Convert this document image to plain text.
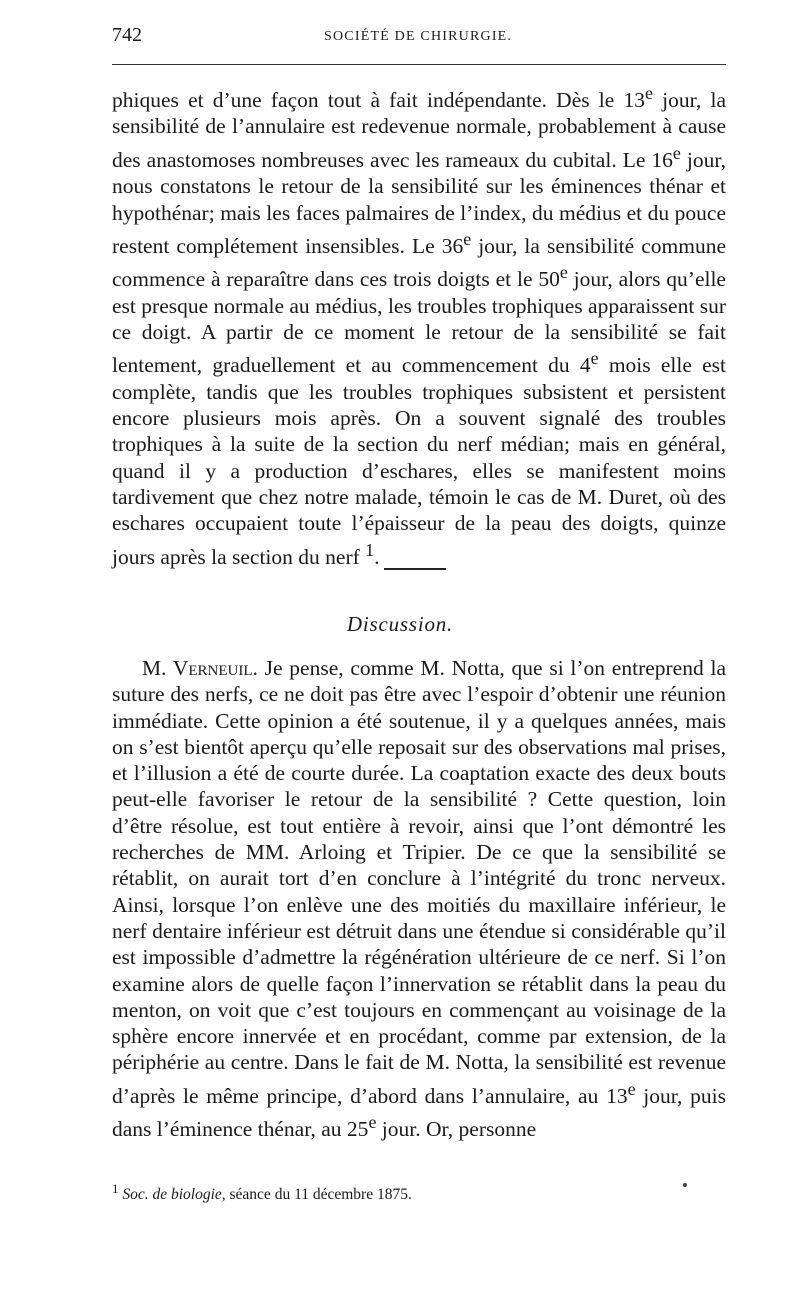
742	SOCIÉTÉ DE CHIRURGIE.

phiques et d’une façon tout à fait indépendante. Dès le 13e jour, la sensibilité de l’annulaire est redevenue normale, probablement à cause des anastomoses nombreuses avec les rameaux du cubital. Le 16e jour, nous constatons le retour de la sensibilité sur les éminences thénar et hypothénar; mais les faces palmaires de l’index, du médius et du pouce restent complétement insensibles. Le 36e jour, la sensibilité commune commence à reparaître dans ces trois doigts et le 50e jour, alors qu’elle est presque normale au médius, les troubles trophiques apparaissent sur ce doigt. A partir de ce moment le retour de la sensibilité se fait lentement, graduellement et au commencement du 4e mois elle est complète, tandis que les troubles trophiques subsistent et persistent encore plusieurs mois après. On a souvent signalé des troubles trophiques à la suite de la section du nerf médian; mais en général, quand il y a production d’eschares, elles se manifestent moins tardivement que chez notre malade, témoin le cas de M. Duret, où des eschares occupaient toute l’épaisseur de la peau des doigts, quinze jours après la section du nerf $^1$.

Discussion.

M. Verneuil. Je pense, comme M. Notta, que si l’on entreprend la suture des nerfs, ce ne doit pas être avec l’espoir d’obtenir une réunion immédiate. Cette opinion a été soutenue, il y a quelques années, mais on s’est bientôt aperçu qu’elle reposait sur des observations mal prises, et l’illusion a été de courte durée. La coaptation exacte des deux bouts peut-elle favoriser le retour de la sensibilité ? Cette question, loin d’être résolue, est tout entière à revoir, ainsi que l’ont démontré les recherches de MM. Arloing et Tripier. De ce que la sensibilité se rétablit, on aurait tort d’en conclure à l’intégrité du tronc nerveux. Ainsi, lorsque l’on enlève une des moitiés du maxillaire inférieur, le nerf dentaire inférieur est détruit dans une étendue si considérable qu’il est impossible d’admettre la régénération ultérieure de ce nerf. Si l’on examine alors de quelle façon l’innervation se rétablit dans la peau du menton, on voit que c’est toujours en commençant au voisinage de la sphère encore innervée et en procédant, comme par extension, de la périphérie au centre. Dans le fait de M. Notta, la sensibilité est revenue d’après le même principe, d’abord dans l’annulaire, au 13e jour, puis dans l’éminence thénar, au 25e jour. Or, personne

$^1$ Soc. de biologie, séance du 11 décembre 1875.
